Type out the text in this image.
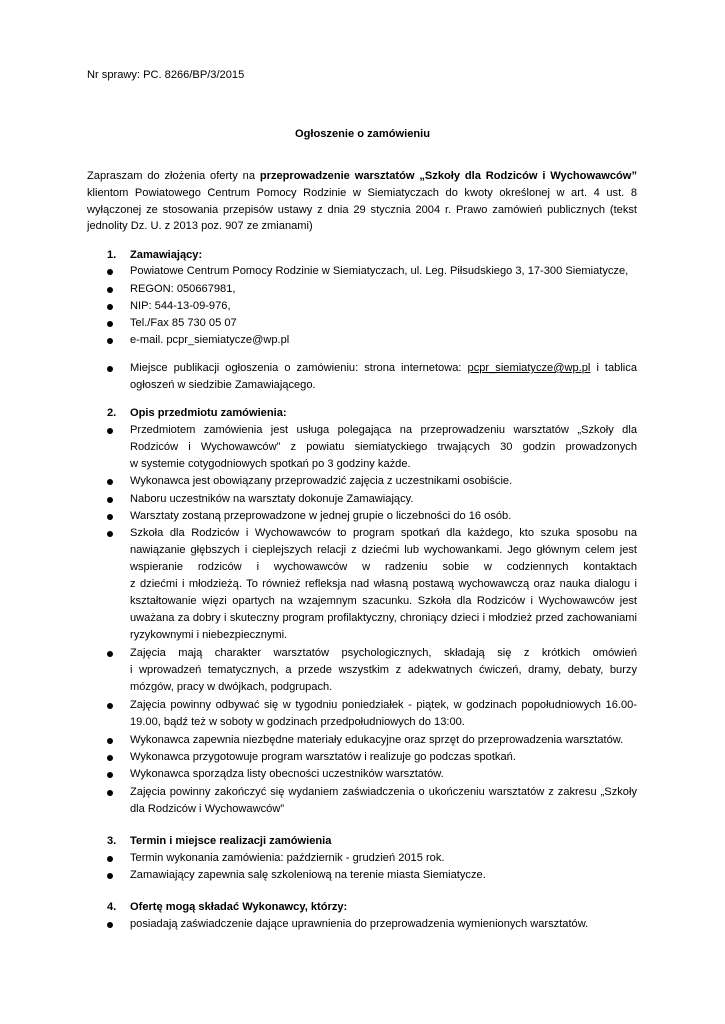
Nr sprawy: PC. 8266/BP/3/2015
Ogłoszenie o zamówieniu
Zapraszam do złożenia oferty na przeprowadzenie warsztatów „Szkoły dla Rodziców i Wychowawców”
klientom Powiatowego Centrum Pomocy Rodzinie w Siemiatyczach do kwoty określonej w art. 4 ust. 8
wyłączonej ze stosowania przepisów ustawy z dnia 29 stycznia 2004 r. Prawo zamówień publicznych (tekst
jednolity Dz. U. z 2013 poz. 907 ze zmianami)
1. Zamawiający:
Powiatowe Centrum Pomocy Rodzinie w Siemiatyczach, ul. Leg. Piłsudskiego 3, 17-300 Siemiatycze,
REGON: 050667981,
NIP: 544-13-09-976,
Tel./Fax 85 730 05 07
e-mail. pcpr_siemiatycze@wp.pl
Miejsce publikacji ogłoszenia o zamówieniu: strona internetowa: pcpr_siemiatycze@wp.pl i tablica
ogłoszeń w siedzibie Zamawiającego.
2. Opis przedmiotu zamówienia:
Przedmiotem zamówienia jest usługa polegająca na przeprowadzeniu warsztatów „Szkoły dla
Rodziców i Wychowawców” z powiatu siemiatyckiego trwających 30 godzin prowadzonych
w systemie cotygodniowych spotkań po 3 godziny każde.
Wykonawca jest obowiązany przeprowadzić zajęcia z uczestnikami osobiście.
Naboru uczestników na warsztaty dokonuje Zamawiający.
Warsztaty zostaną przeprowadzone w jednej grupie o liczebności do 16 osób.
Szkoła dla Rodziców i Wychowawców to program spotkań dla każdego, kto szuka sposobu na
nawiązanie głębszych i cieplejszych relacji z dziećmi lub wychowankami. Jego głównym celem jest
wspieranie rodziców i wychowawców w radzeniu sobie w codziennych kontaktach
z dziećmi i młodzieżą. To również refleksja nad własną postawą wychowawczą oraz nauka dialogu i
kształtowanie więzi opartych na wzajemnym szacunku. Szkoła dla Rodziców i Wychowawców jest
uważana za dobry i skuteczny program profilaktyczny, chroniący dzieci i młodzież przed zachowaniami
ryzykownymi i niebezpiecznymi.
Zajęcia mają charakter warsztatów psychologicznych, składają się z krótkich omówień
i wprowadzeń tematycznych, a przede wszystkim z adekwatnych ćwiczeń, dramy, debaty, burzy
mózgów, pracy w dwójkach, podgrupach.
Zajęcia powinny odbywać się w tygodniu poniedziałek - piątek, w godzinach popołudniowych 16.00-
19.00, bądź też w soboty w godzinach przedpołudniowych do 13:00.
Wykonawca zapewnia niezbędne materiały edukacyjne oraz sprzęt do przeprowadzenia warsztatów.
Wykonawca przygotowuje program warsztatów i realizuje go podczas spotkań.
Wykonawca sporządza listy obecności uczestników warsztatów.
Zajęcia powinny zakończyć się wydaniem zaświadczenia o ukończeniu warsztatów z zakresu „Szkoły
dla Rodziców i Wychowawców”
3. Termin i miejsce realizacji zamówienia
Termin wykonania zamówienia: październik - grudzień 2015 rok.
Zamawiający zapewnia salę szkoleniową na terenie miasta Siemiatycze.
4. Ofertę mogą składać Wykonawcy, którzy:
posiadają zaświadczenie dające uprawnienia do przeprowadzenia wymienionych warsztatów.
